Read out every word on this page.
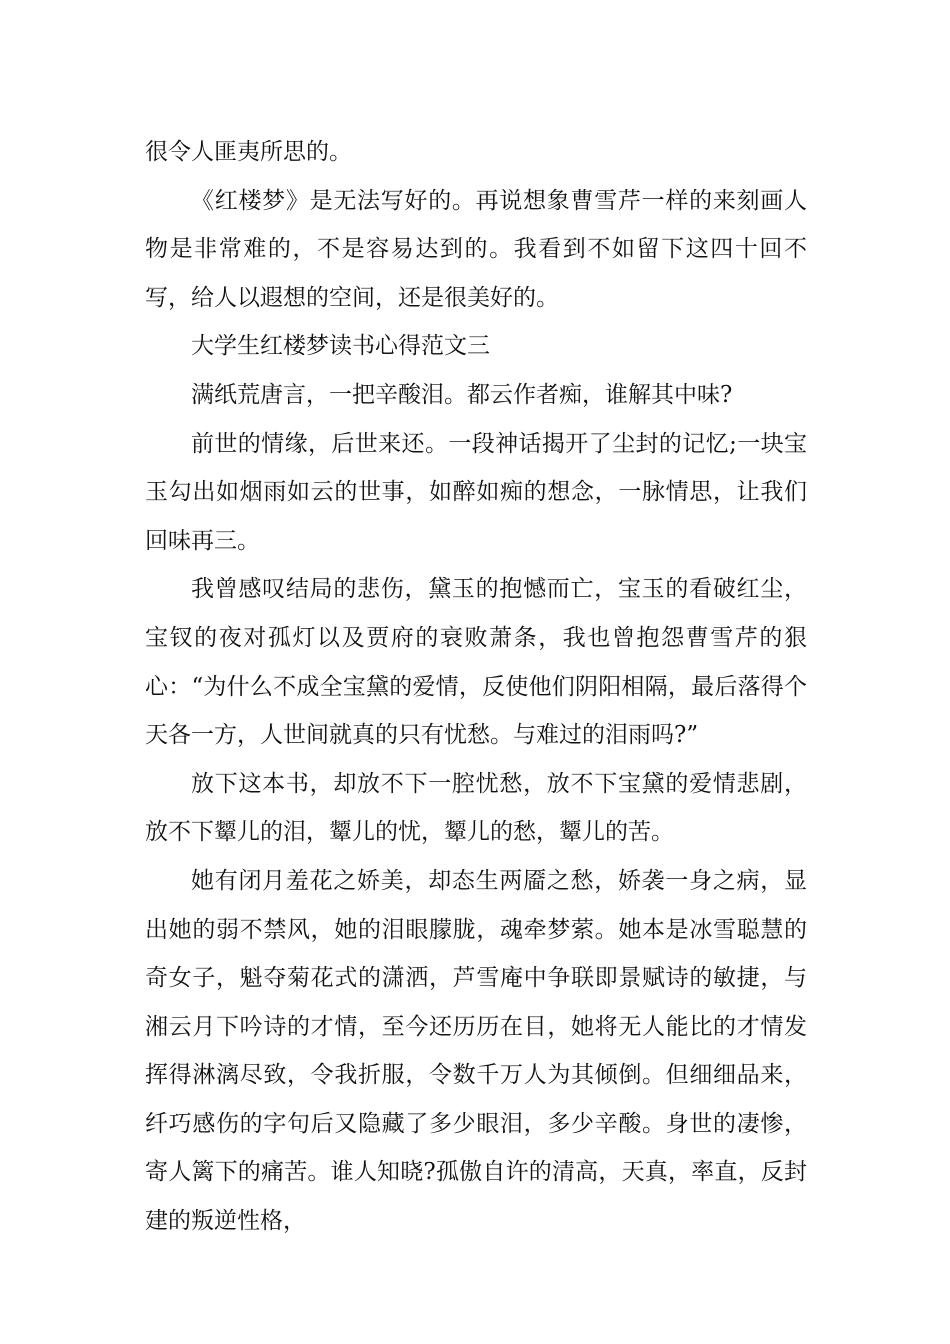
很令人匪夷所思的。

《红楼梦》是无法写好的。再说想象曹雪芹一样的来刻画人物是非常难的，不是容易达到的。我看到不如留下这四十回不写，给人以遐想的空间，还是很美好的。

大学生红楼梦读书心得范文三

满纸荒唐言，一把辛酸泪。都云作者痴，谁解其中味?

前世的情缘，后世来还。一段神话揭开了尘封的记忆;一块宝玉勾出如烟雨如云的世事，如醉如痴的想念，一脉情思，让我们回味再三。

我曾感叹结局的悲伤，黛玉的抱憾而亡，宝玉的看破红尘，宝钗的夜对孤灯以及贾府的衰败萧条，我也曾抱怨曹雪芹的狠心：“为什么不成全宝黛的爱情，反使他们阴阳相隔，最后落得个天各一方，人世间就真的只有忧愁。与难过的泪雨吗?”

放下这本书，却放不下一腔忧愁，放不下宝黛的爱情悲剧，放不下颦儿的泪，颦儿的忧，颦儿的愁，颦儿的苦。

她有闭月羞花之娇美，却态生两靥之愁，娇袭一身之病，显出她的弱不禁风，她的泪眼朦胧，魂牵梦萦。她本是冰雪聪慧的奇女子，魁夺菊花式的潇洒，芦雪庵中争联即景赋诗的敏捷，与湘云月下吟诗的才情，至今还历历在目，她将无人能比的才情发挥得淋漓尽致，令我折服，令数千万人为其倾倒。但细细品来，纤巧感伤的字句后又隐藏了多少眼泪，多少辛酸。身世的凄惨，寄人篱下的痛苦。谁人知晓?孤傲自许的清高，天真，率直，反封建的叛逆性格，
